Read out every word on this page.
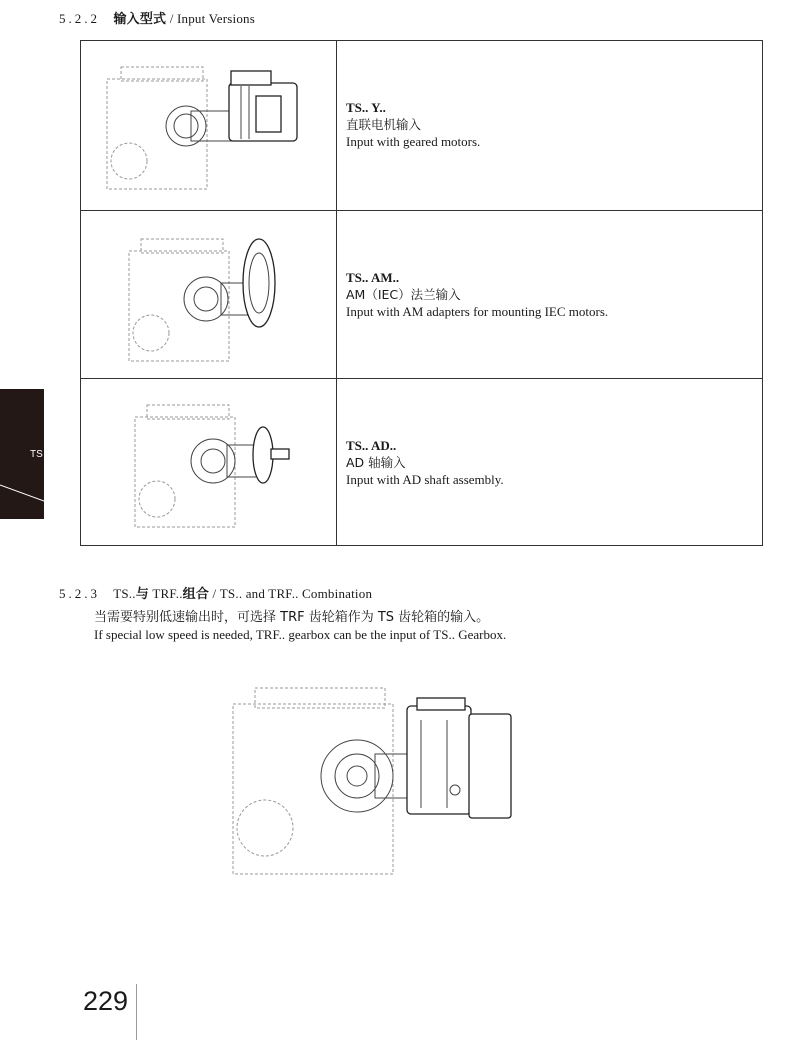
5.2.2 输入型式 / Input Versions
TS.. Y..
直联电机输入
Input with geared motors.
TS.. AM..
AM（IEC）法兰输入
Input with AM adapters for mounting IEC motors.
TS.. AD..
AD 轴输入
Input with AD shaft assembly.
TS
5.2.3 TS..与 TRF..组合 / TS.. and TRF.. Combination
当需要特别低速输出时，可选择 TRF 齿轮箱作为 TS 齿轮箱的输入。
If special low speed is needed, TRF.. gearbox can be the input of TS.. Gearbox.
229
